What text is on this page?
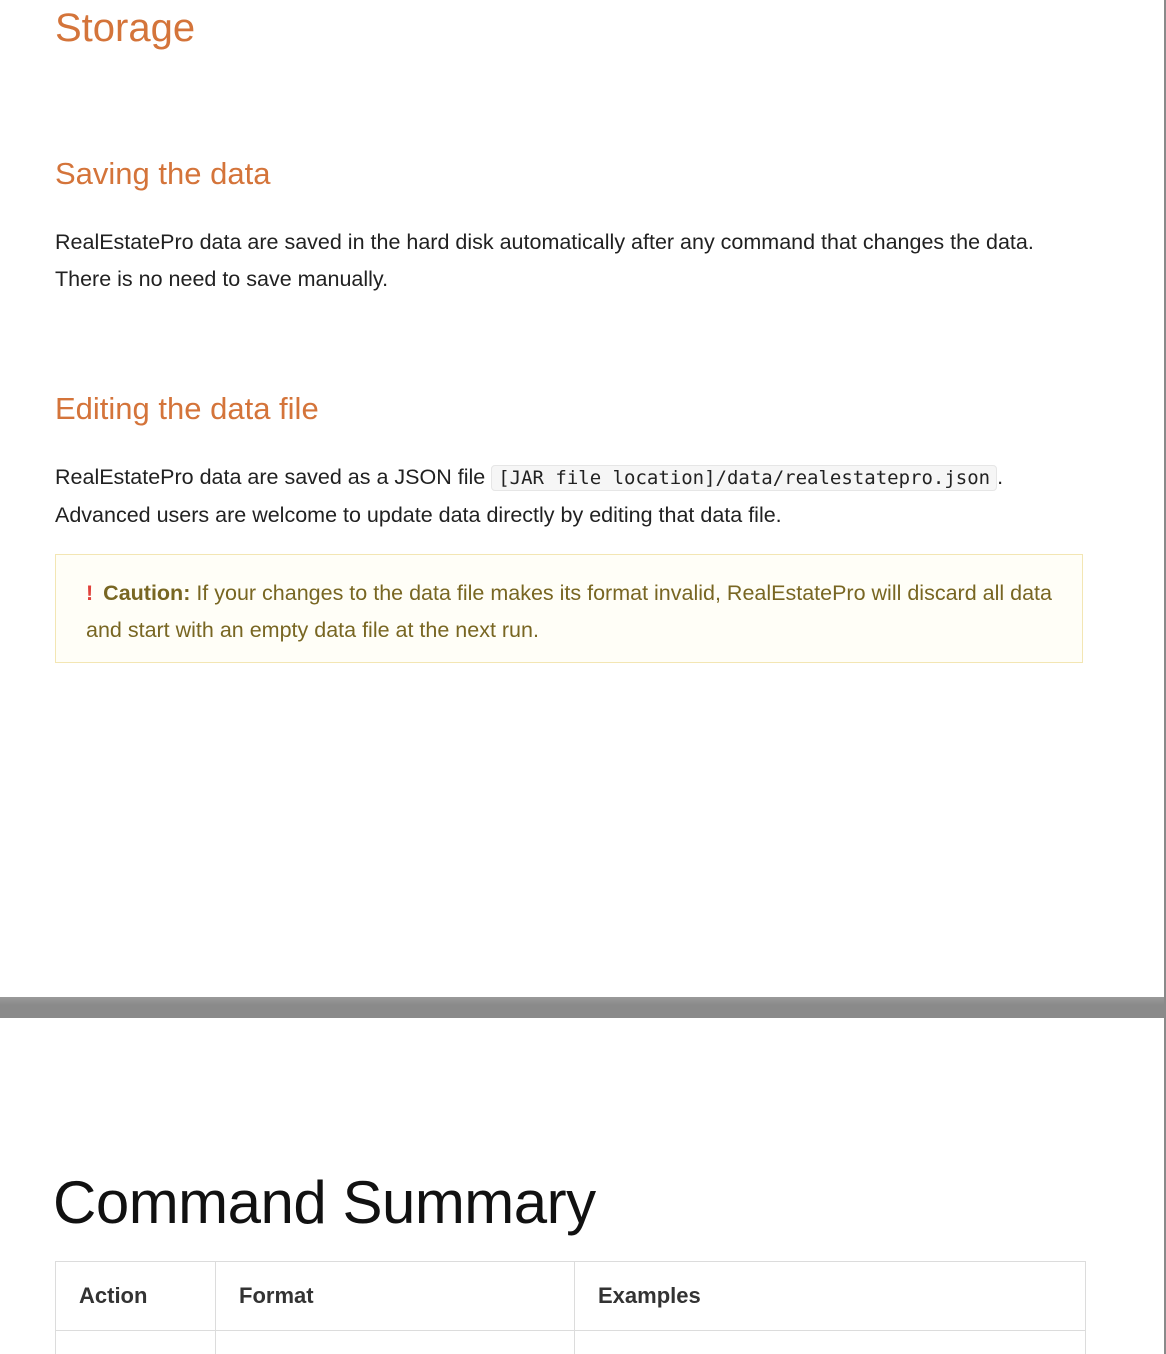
Storage
Saving the data

RealEstatePro data are saved in the hard disk automatically after any command that changes the data. There is no need to save manually.

Editing the data file

RealEstatePro data are saved as a JSON file [JAR file location]/data/realestatepro.json . Advanced users are welcome to update data directly by editing that data file.

! Caution: If your changes to the data file makes its format invalid, RealEstatePro will discard all data and start with an empty data file at the next run.
Command Summary
Action	Format	Examples
